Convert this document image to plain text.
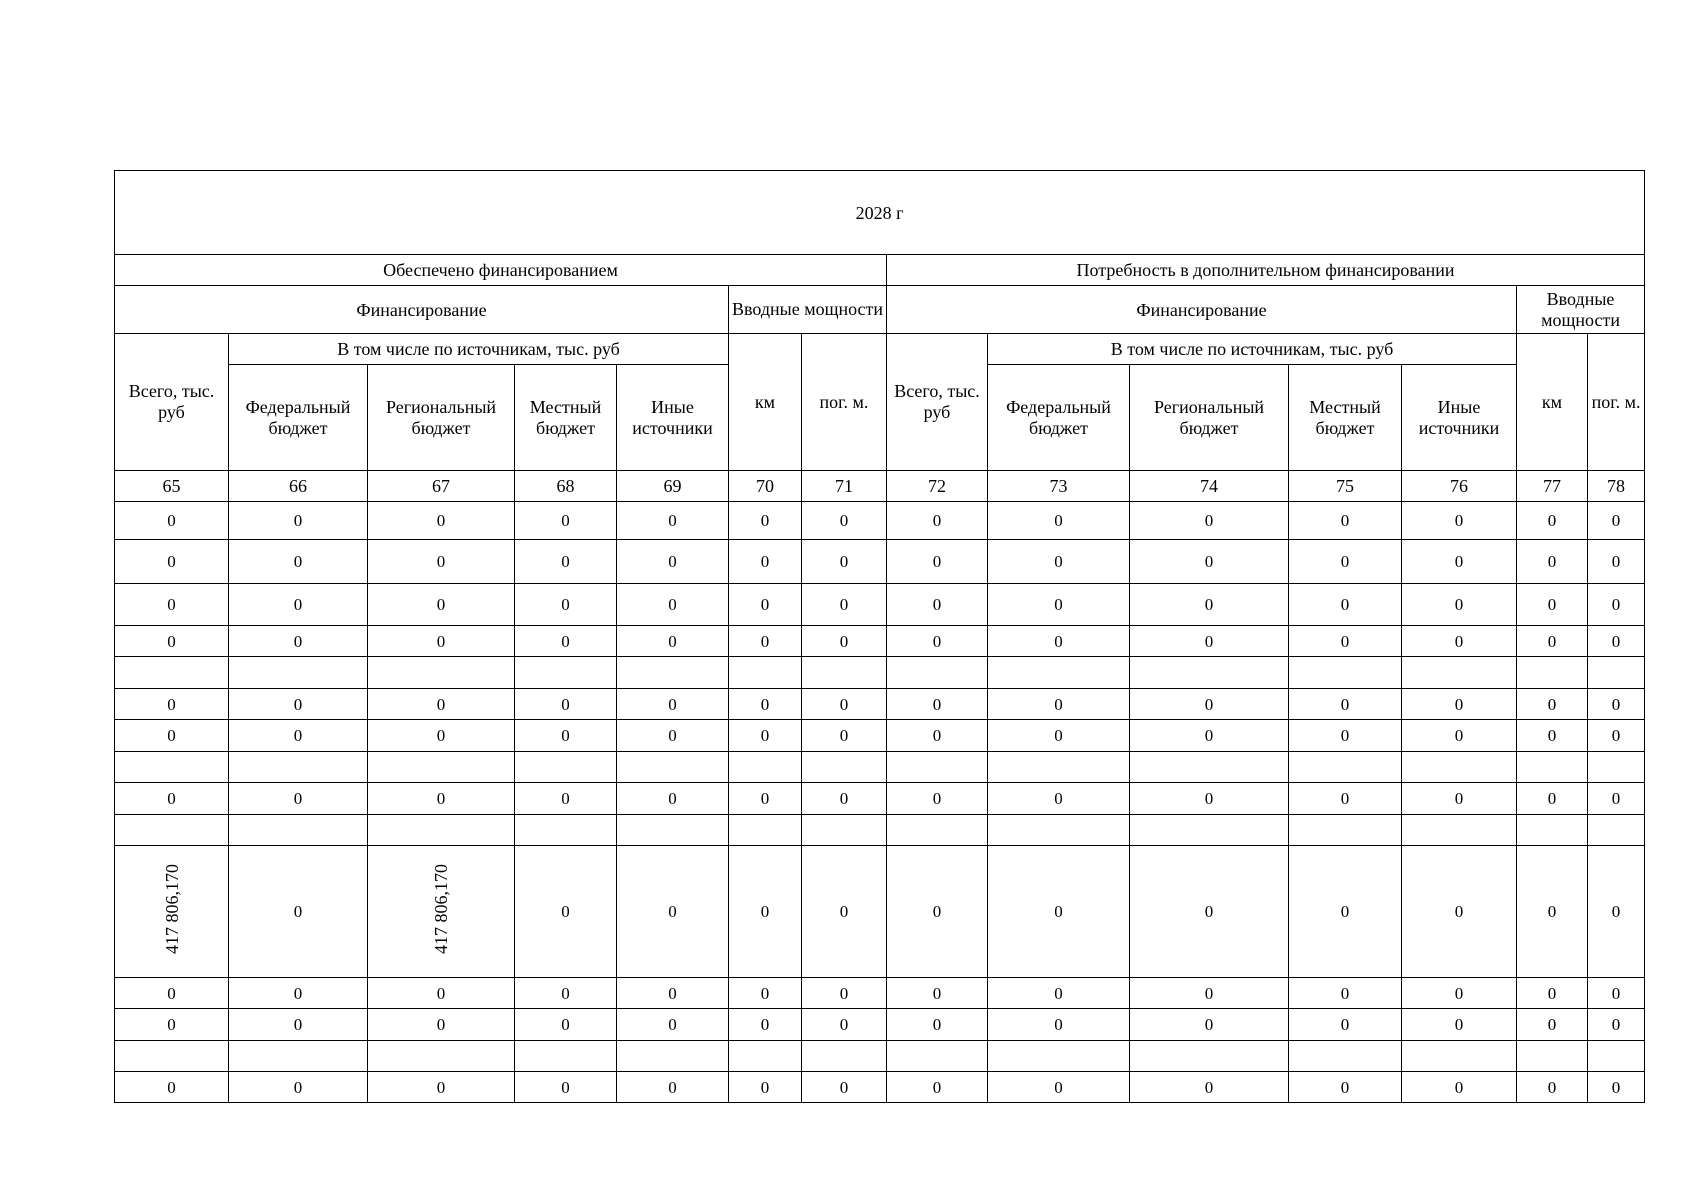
2028 г													
Обеспечено финансированием							Потребность в дополнительном финансировании						
Финансирование					Вводные мощности		Финансирование					Вводные мощности	
Всего, тыс. руб	В том числе по источникам, тыс. руб				км	пог. м.	Всего, тыс. руб	В том числе по источникам, тыс. руб				км	пог. м.
	Федеральный бюджет	Региональный бюджет	Местный бюджет	Иные источники				Федеральный бюджет	Региональный бюджет	Местный бюджет	Иные источники		
65	66	67	68	69	70	71	72	73	74	75	76	77	78
0	0	0	0	0	0	0	0	0	0	0	0	0	0
0	0	0	0	0	0	0	0	0	0	0	0	0	0
0	0	0	0	0	0	0	0	0	0	0	0	0	0
0	0	0	0	0	0	0	0	0	0	0	0	0	0

0	0	0	0	0	0	0	0	0	0	0	0	0	0
0	0	0	0	0	0	0	0	0	0	0	0	0	0

0	0	0	0	0	0	0	0	0	0	0	0	0	0

417 806,170	0	417 806,170	0	0	0	0	0	0	0	0	0	0	0
0	0	0	0	0	0	0	0	0	0	0	0	0	0
0	0	0	0	0	0	0	0	0	0	0	0	0	0

0	0	0	0	0	0	0	0	0	0	0	0	0	0
